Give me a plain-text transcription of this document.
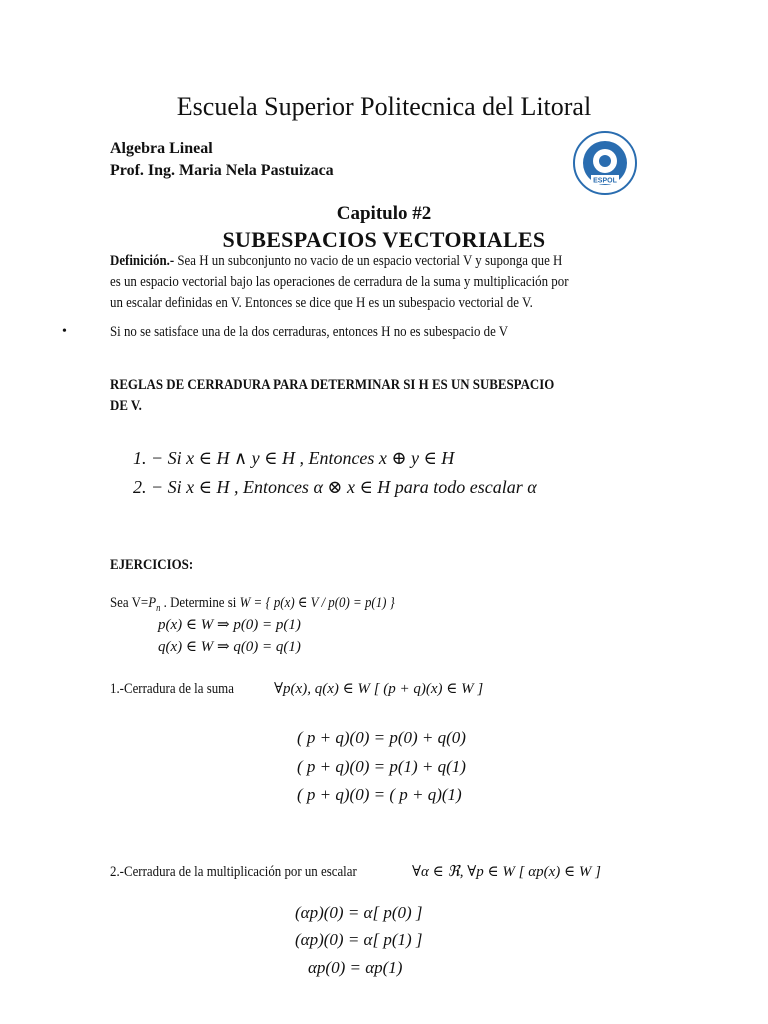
Escuela Superior Politecnica del Litoral
Algebra Lineal
Prof. Ing. Maria Nela Pastuizaca
ESPOL
Capitulo #2
SUBESPACIOS VECTORIALES
Definición.- Sea H un subconjunto no vacio de un espacio vectorial V y suponga que H
es un espacio vectorial bajo las operaciones de cerradura de la suma y multiplicación por
un escalar definidas en V. Entonces se dice que H es un subespacio vectorial de V.
•	Si no se satisface una de la dos cerraduras, entonces H no es subespacio de V
REGLAS DE CERRADURA PARA DETERMINAR SI H ES UN SUBESPACIO
DE V.
1. − Si x ∈ H ∧ y ∈ H , Entonces x ⊕ y ∈ H
2. − Si x ∈ H , Entonces α ⊗ x ∈ H para todo escalar α
EJERCICIOS:
Sea $V=P_n$ . Determine si W = { p(x) ∈ V / p(0) = p(1) }
p(x) ∈ W ⇒ p(0) = p(1)
q(x) ∈ W ⇒ q(0) = q(1)
1.-Cerradura de la suma	∀p(x), q(x) ∈ W [ (p + q)(x) ∈ W ]
( p + q)(0) = p(0) + q(0)
( p + q)(0) = p(1) + q(1)
( p + q)(0) = ( p + q)(1)
2.-Cerradura de la multiplicación por un escalar	∀α ∈ ℜ, ∀p ∈ W [ αp(x) ∈ W ]
(αp)(0) = α[ p(0) ]
(αp)(0) = α[ p(1) ]
αp(0) = αp(1)
